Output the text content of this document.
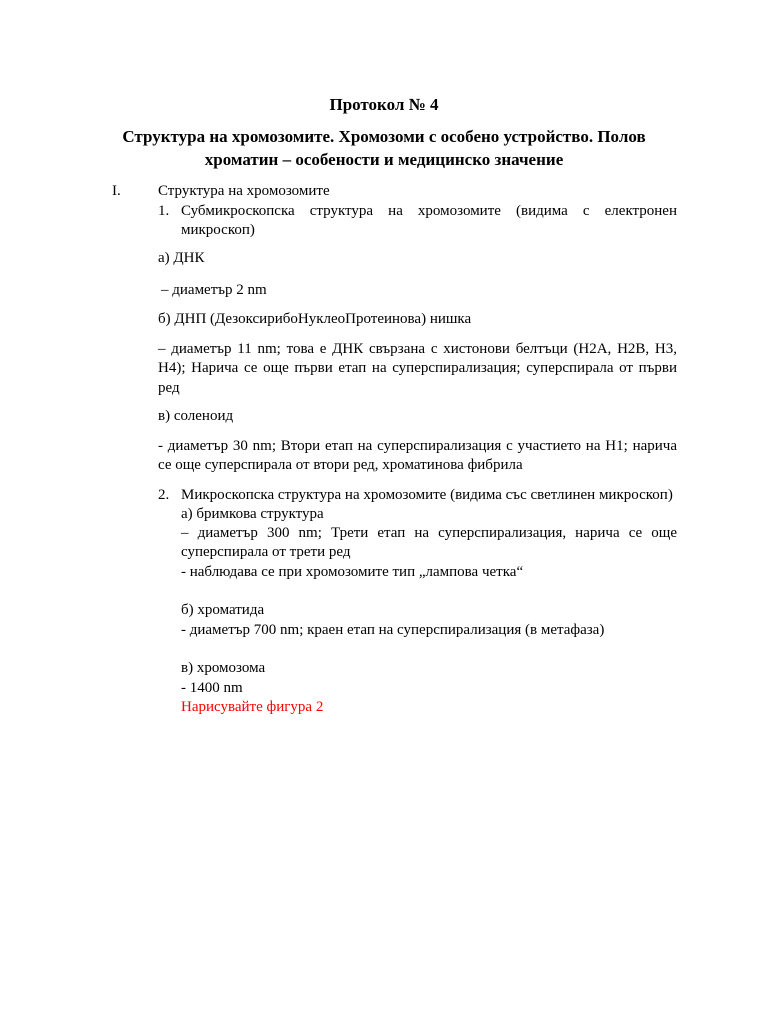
Протокол № 4
Структура на хромозомите. Хромозоми с особено устройство. Полов
хроматин – особености и медицинско значение
I. Структура на хромозомите
1. Субмикроскопска структура на хромозомите (видима с електронен
микроскоп)
а) ДНК
– диаметър 2 nm
б) ДНП (ДезоксирибоНуклеоПротеинова) нишка
– диаметър 11 nm; това е ДНК свързана с хистонови белтъци (H2A, H2B, H3,
H4); Нарича се още първи етап на суперспирализация; суперспирала от първи
ред
в) соленоид
- диаметър 30 nm; Втори етап на суперспирализация с участието на H1; нарича
се още суперспирала от втори ред, хроматинова фибрила
2. Микроскопска структура на хромозомите (видима със светлинен микроскоп)
а) бримкова структура
– диаметър 300 nm; Трети етап на суперспирализация, нарича се още
суперспирала от трети ред
- наблюдава се при хромозомите тип „лампова четка“
б) хроматида
- диаметър 700 nm; краен етап на суперспирализация (в метафаза)
в) хромозома
- 1400 nm
Нарисувайте фигура 2
